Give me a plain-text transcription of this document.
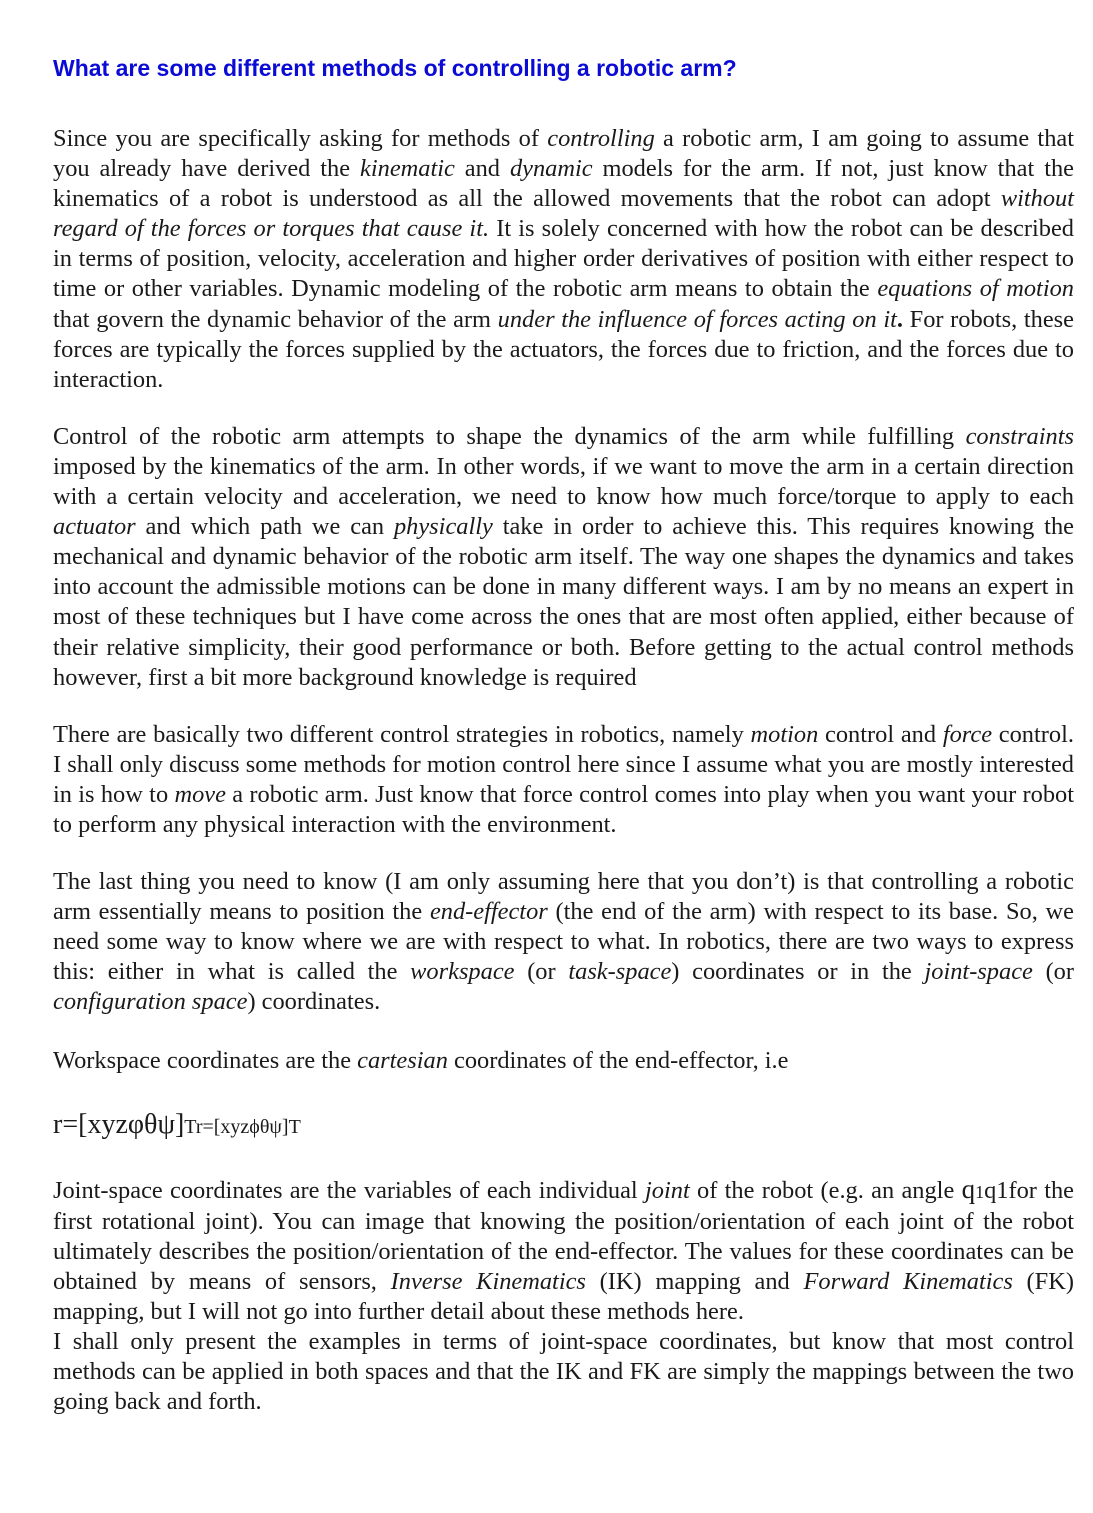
What are some different methods of controlling a robotic arm?

Since you are specifically asking for methods of controlling a robotic arm, I am going to assume that you already have derived the kinematic and dynamic models for the arm. If not, just know that the kinematics of a robot is understood as all the allowed movements that the robot can adopt without regard of the forces or torques that cause it. It is solely concerned with how the robot can be described in terms of position, velocity, acceleration and higher order derivatives of position with either respect to time or other variables. Dynamic modeling of the robotic arm means to obtain the equations of motion that govern the dynamic behavior of the arm under the influence of forces acting on it. For robots, these forces are typically the forces supplied by the actuators, the forces due to friction, and the forces due to interaction.

Control of the robotic arm attempts to shape the dynamics of the arm while fulfilling constraints imposed by the kinematics of the arm. In other words, if we want to move the arm in a certain direction with a certain velocity and acceleration, we need to know how much force/torque to apply to each actuator and which path we can physically take in order to achieve this. This requires knowing the mechanical and dynamic behavior of the robotic arm itself. The way one shapes the dynamics and takes into account the admissible motions can be done in many different ways. I am by no means an expert in most of these techniques but I have come across the ones that are most often applied, either because of their relative simplicity, their good performance or both. Before getting to the actual control methods however, first a bit more background knowledge is required

There are basically two different control strategies in robotics, namely motion control and force control. I shall only discuss some methods for motion control here since I assume what you are mostly interested in is how to move a robotic arm. Just know that force control comes into play when you want your robot to perform any physical interaction with the environment.

The last thing you need to know (I am only assuming here that you don’t) is that controlling a robotic arm essentially means to position the end-effector (the end of the arm) with respect to its base. So, we need some way to know where we are with respect to what. In robotics, there are two ways to express this: either in what is called the workspace (or task-space) coordinates or in the joint-space (or configuration space) coordinates.

Workspace coordinates are the cartesian coordinates of the end-effector, i.e

r=[xyzφθψ]Tr=[xyzϕθψ]T

Joint-space coordinates are the variables of each individual joint of the robot (e.g. an angle q1q1for the first rotational joint). You can image that knowing the position/orientation of each joint of the robot ultimately describes the position/orientation of the end-effector. The values for these coordinates can be obtained by means of sensors, Inverse Kinematics (IK) mapping and Forward Kinematics (FK) mapping, but I will not go into further detail about these methods here.

I shall only present the examples in terms of joint-space coordinates, but know that most control methods can be applied in both spaces and that the IK and FK are simply the mappings between the two going back and forth.
